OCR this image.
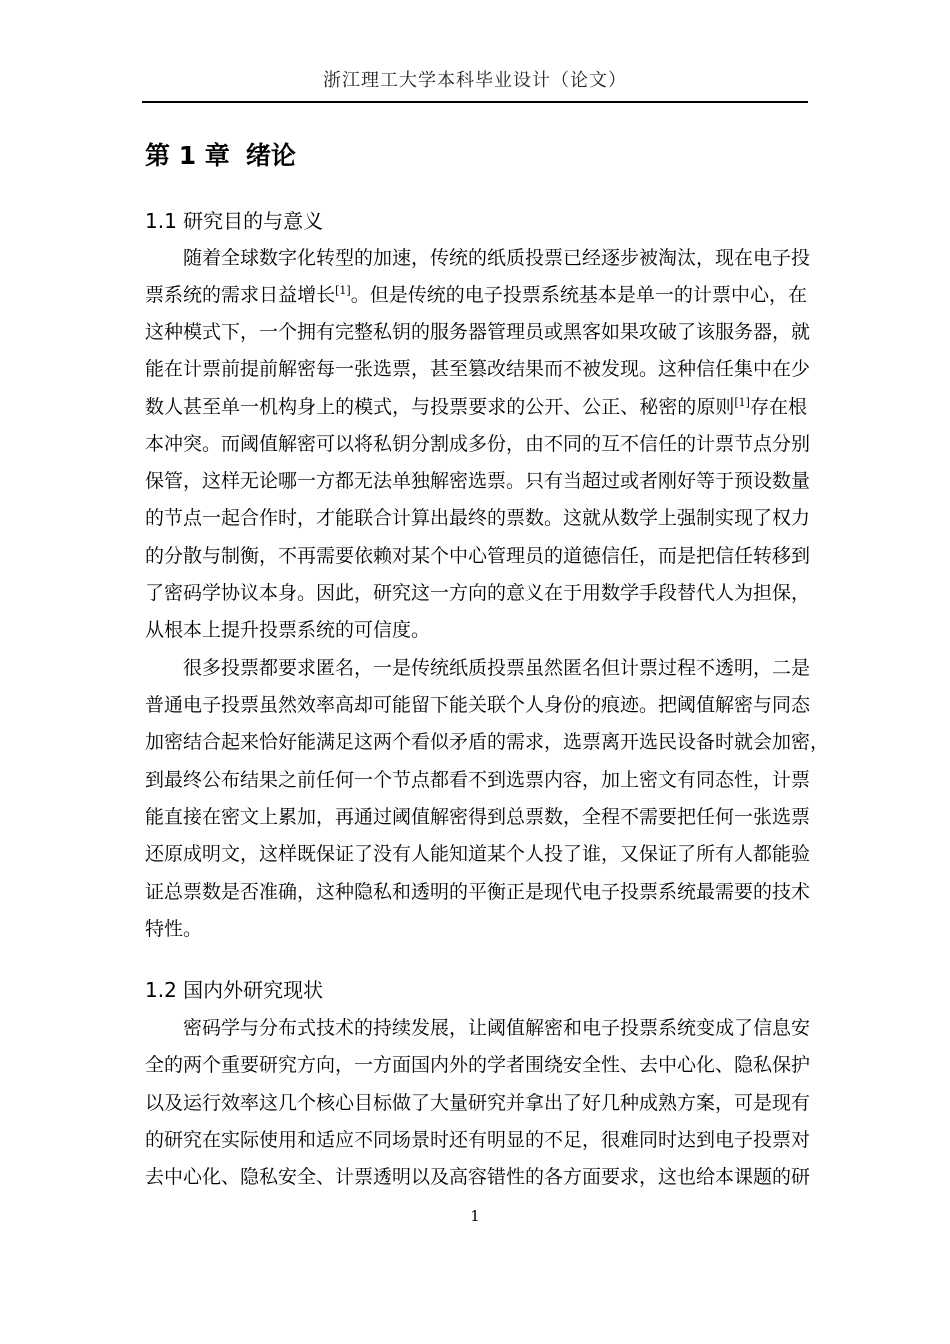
浙江理工大学本科毕业设计（论文）
第 1 章 绪论
1.1 研究目的与意义
随着全球数字化转型的加速，传统的纸质投票已经逐步被淘汰，现在电子投
票系统的需求日益增长[1]。但是传统的电子投票系统基本是单一的计票中心，在
这种模式下，一个拥有完整私钥的服务器管理员或黑客如果攻破了该服务器，就
能在计票前提前解密每一张选票，甚至篡改结果而不被发现。这种信任集中在少
数人甚至单一机构身上的模式，与投票要求的公开、公正、秘密的原则[1]存在根
本冲突。而阈值解密可以将私钥分割成多份，由不同的互不信任的计票节点分别
保管，这样无论哪一方都无法单独解密选票。只有当超过或者刚好等于预设数量
的节点一起合作时，才能联合计算出最终的票数。这就从数学上强制实现了权力
的分散与制衡，不再需要依赖对某个中心管理员的道德信任，而是把信任转移到
了密码学协议本身。因此，研究这一方向的意义在于用数学手段替代人为担保，
从根本上提升投票系统的可信度。
很多投票都要求匿名，一是传统纸质投票虽然匿名但计票过程不透明，二是
普通电子投票虽然效率高却可能留下能关联个人身份的痕迹。把阈值解密与同态
加密结合起来恰好能满足这两个看似矛盾的需求，选票离开选民设备时就会加密，
到最终公布结果之前任何一个节点都看不到选票内容，加上密文有同态性，计票
能直接在密文上累加，再通过阈值解密得到总票数，全程不需要把任何一张选票
还原成明文，这样既保证了没有人能知道某个人投了谁，又保证了所有人都能验
证总票数是否准确，这种隐私和透明的平衡正是现代电子投票系统最需要的技术
特性。
1.2 国内外研究现状
密码学与分布式技术的持续发展，让阈值解密和电子投票系统变成了信息安
全的两个重要研究方向，一方面国内外的学者围绕安全性、去中心化、隐私保护
以及运行效率这几个核心目标做了大量研究并拿出了好几种成熟方案，可是现有
的研究在实际使用和适应不同场景时还有明显的不足，很难同时达到电子投票对
去中心化、隐私安全、计票透明以及高容错性的各方面要求，这也给本课题的研
1
